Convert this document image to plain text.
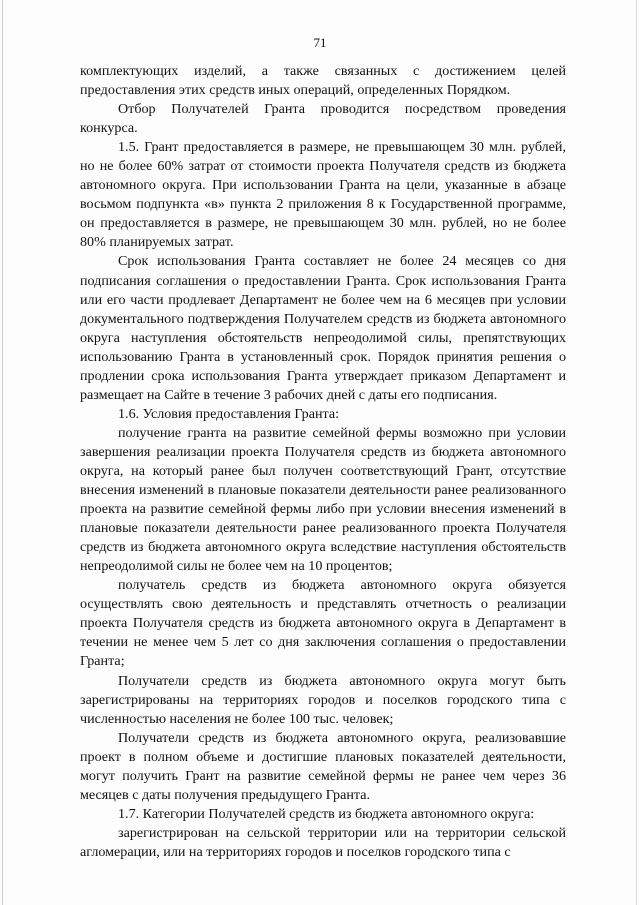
71

комплектующих изделий, а также связанных с достижением целей предоставления этих средств иных операций, определенных Порядком.

Отбор Получателей Гранта проводится посредством проведения конкурса.

1.5. Грант предоставляется в размере, не превышающем 30 млн. рублей, но не более 60% затрат от стоимости проекта Получателя средств из бюджета автономного округа. При использовании Гранта на цели, указанные в абзаце восьмом подпункта «в» пункта 2 приложения 8 к Государственной программе, он предоставляется в размере, не превышающем 30 млн. рублей, но не более 80% планируемых затрат.

Срок использования Гранта составляет не более 24 месяцев со дня подписания соглашения о предоставлении Гранта. Срок использования Гранта или его части продлевает Департамент не более чем на 6 месяцев при условии документального подтверждения Получателем средств из бюджета автономного округа наступления обстоятельств непреодолимой силы, препятствующих использованию Гранта в установленный срок. Порядок принятия решения о продлении срока использования Гранта утверждает приказом Департамент и размещает на Сайте в течение 3 рабочих дней с даты его подписания.

1.6. Условия предоставления Гранта:

получение гранта на развитие семейной фермы возможно при условии завершения реализации проекта Получателя средств из бюджета автономного округа, на который ранее был получен соответствующий Грант, отсутствие внесения изменений в плановые показатели деятельности ранее реализованного проекта на развитие семейной фермы либо при условии внесения изменений в плановые показатели деятельности ранее реализованного проекта Получателя средств из бюджета автономного округа вследствие наступления обстоятельств непреодолимой силы не более чем на 10 процентов;

получатель средств из бюджета автономного округа обязуется осуществлять свою деятельность и представлять отчетность о реализации проекта Получателя средств из бюджета автономного округа в Департамент в течении не менее чем 5 лет со дня заключения соглашения о предоставлении Гранта;

Получатели средств из бюджета автономного округа могут быть зарегистрированы на территориях городов и поселков городского типа с численностью населения не более 100 тыс. человек;

Получатели средств из бюджета автономного округа, реализовавшие проект в полном объеме и достигшие плановых показателей деятельности, могут получить Грант на развитие семейной фермы не ранее чем через 36 месяцев с даты получения предыдущего Гранта.

1.7. Категории Получателей средств из бюджета автономного округа:

зарегистрирован на сельской территории или на территории сельской агломерации, или на территориях городов и поселков городского типа с
